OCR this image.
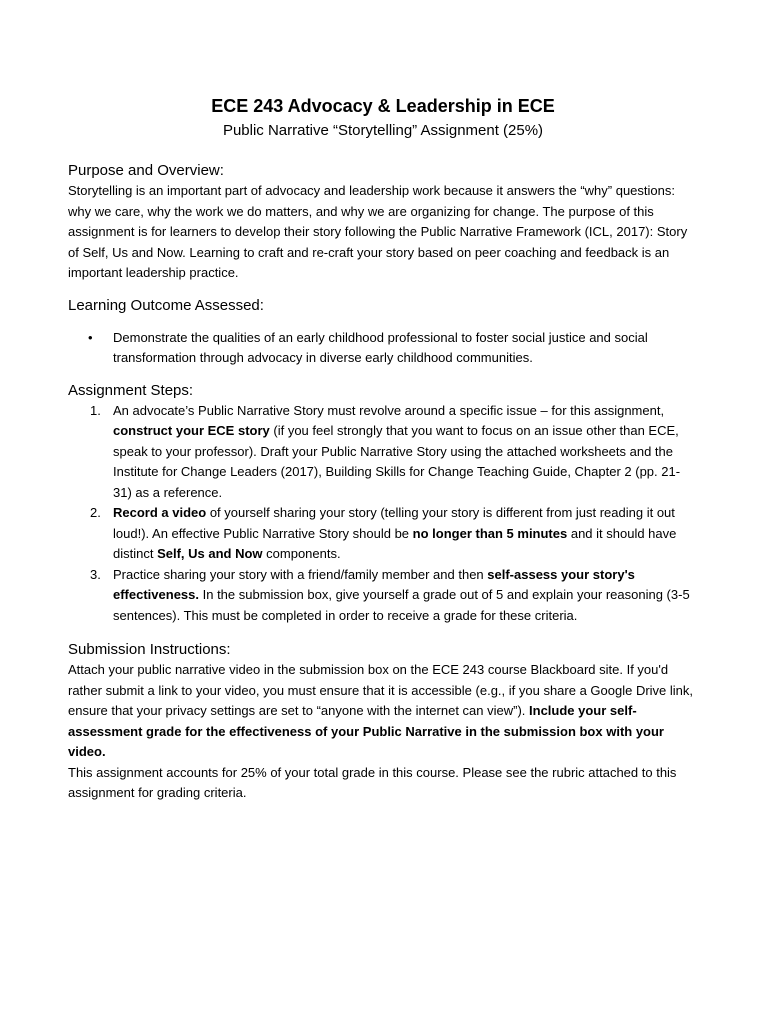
ECE 243 Advocacy & Leadership in ECE
Public Narrative “Storytelling” Assignment (25%)
Purpose and Overview:

Storytelling is an important part of advocacy and leadership work because it answers the “why” questions: why we care, why the work we do matters, and why we are organizing for change. The purpose of this assignment is for learners to develop their story following the Public Narrative Framework (ICL, 2017): Story of Self, Us and Now. Learning to craft and re-craft your story based on peer coaching and feedback is an important leadership practice.

Learning Outcome Assessed:
• Demonstrate the qualities of an early childhood professional to foster social justice and social transformation through advocacy in diverse early childhood communities.
Assignment Steps:
1. An advocate’s Public Narrative Story must revolve around a specific issue – for this assignment, construct your ECE story (if you feel strongly that you want to focus on an issue other than ECE, speak to your professor). Draft your Public Narrative Story using the attached worksheets and the Institute for Change Leaders (2017), Building Skills for Change Teaching Guide, Chapter 2 (pp. 21-31) as a reference.
2. Record a video of yourself sharing your story (telling your story is different from just reading it out loud!). An effective Public Narrative Story should be no longer than 5 minutes and it should have distinct Self, Us and Now components.
3. Practice sharing your story with a friend/family member and then self-assess your story's effectiveness. In the submission box, give yourself a grade out of 5 and explain your reasoning (3-5 sentences). This must be completed in order to receive a grade for these criteria.
Submission Instructions:

Attach your public narrative video in the submission box on the ECE 243 course Blackboard site. If you'd rather submit a link to your video, you must ensure that it is accessible (e.g., if you share a Google Drive link, ensure that your privacy settings are set to “anyone with the internet can view”). Include your self-assessment grade for the effectiveness of your Public Narrative in the submission box with your video.

This assignment accounts for 25% of your total grade in this course. Please see the rubric attached to this assignment for grading criteria.
